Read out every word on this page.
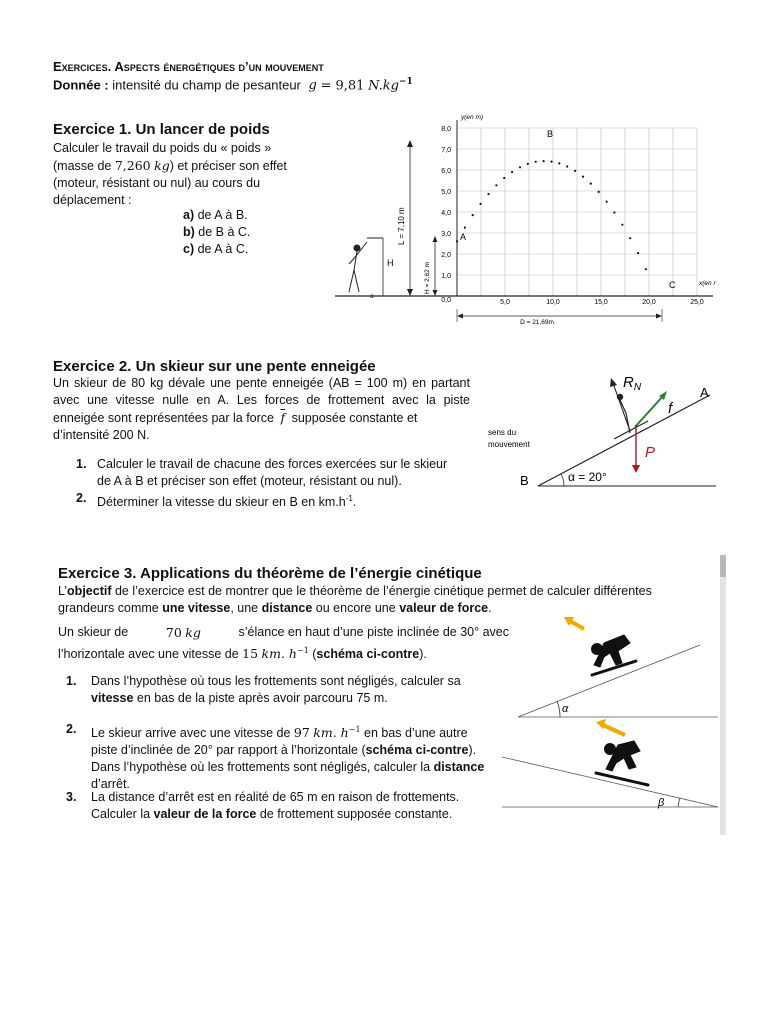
Exercices. Aspects énergétiques d’un mouvement
Donnée : intensité du champ de pesanteur g = 9,81 $N.kg^{-1}$
Exercice 1. Un lancer de poids
Calculer le travail du poids du « poids »
(masse de 7,260 kg) et préciser son effet
(moteur, résistant ou nul) au cours du
déplacement :
a) de A à B.
b) de B à C.
c) de A à C.
y(en m)
x(en r
8,0
7,0
6,0
5,0
4,0
3,0
2,0
1,0
0,0	5,0	10,0	15,0	20,0	25,0
A
B
C
L = 7,10 m
H = 2,62 m
H
o
D = 21,69m
Exercice 2. Un skieur sur une pente enneigée
Un skieur de 80 kg dévale une pente enneigée (AB = 100 m) en partant
avec une vitesse nulle en A. Les forces de frottement avec la piste
enneigée sont représentées par la force $\overline{f}$ supposée constante et
d’intensité 200 N.
1. Calculer le travail de chacune des forces exercées sur le skieur
de A à B et préciser son effet (moteur, résistant ou nul).
2. Déterminer la vitesse du skieur en B en $km.h^{-1}$.
α = 20°
B
A
sens du
mouvement
$R_N$
f
P
Exercice 3. Applications du théorème de l’énergie cinétique
L’objectif de l’exercice est de montrer que le théorème de l’énergie cinétique permet de calculer différentes
grandeurs comme une vitesse, une distance ou encore une valeur de force.
Un skieur de	70 kg	s’élance en haut d’une piste inclinée de 30° avec
l’horizontale avec une vitesse de 15 km. $h^{-1}$ (schéma ci-contre).
1. Dans l’hypothèse où tous les frottements sont négligés, calculer sa
vitesse en bas de la piste après avoir parcouru 75 m.
2. Le skieur arrive avec une vitesse de 97 km. $h^{-1}$ en bas d’une autre
piste d’inclinée de 20° par rapport à l’horizontale (schéma ci-contre).
Dans l’hypothèse où les frottements sont négligés, calculer la distance
d’arrêt.
3. La distance d’arrêt est en réalité de 65 m en raison de frottements.
Calculer la valeur de la force de frottement supposée constante.
α
β
